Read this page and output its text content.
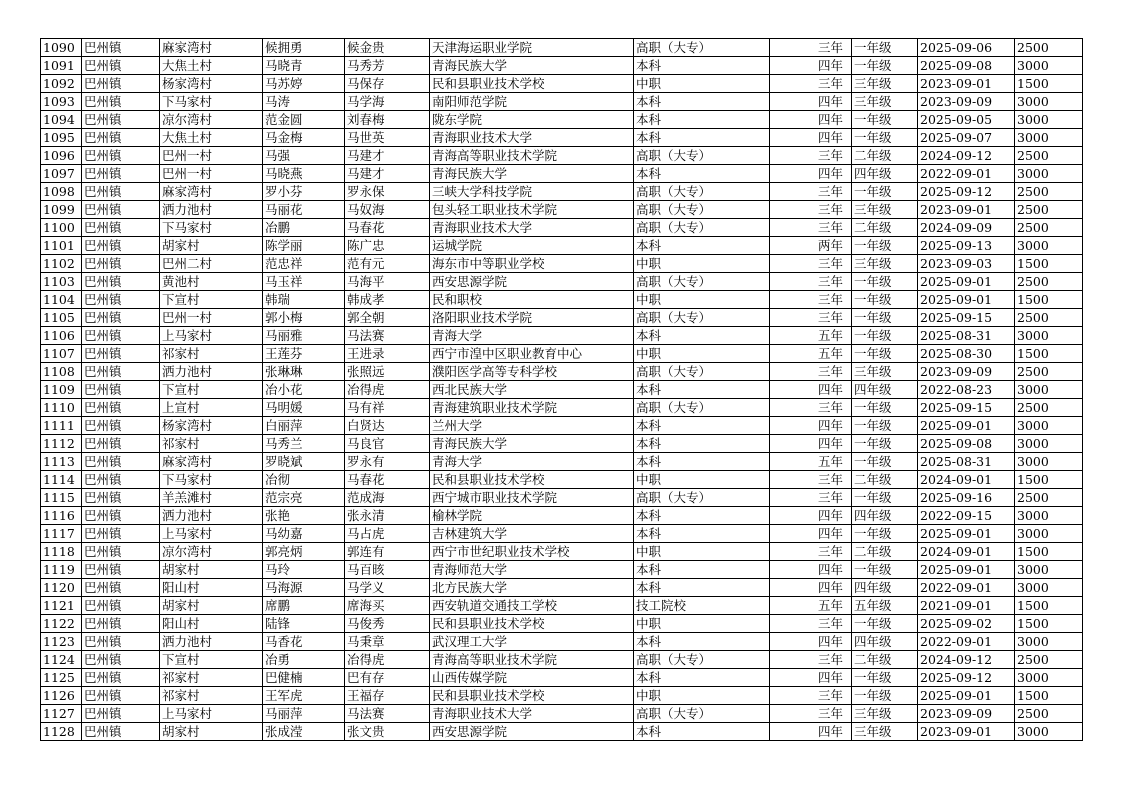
1090	巴州镇	麻家湾村	候拥勇	候金贵	天津海运职业学院	高职（大专）	三年	一年级	2025-09-06	2500
1091	巴州镇	大焦土村	马晓青	马秀芳	青海民族大学	本科	四年	一年级	2025-09-08	3000
1092	巴州镇	杨家湾村	马苏婷	马保存	民和县职业技术学校	中职	三年	三年级	2023-09-01	1500
1093	巴州镇	下马家村	马涛	马学海	南阳师范学院	本科	四年	三年级	2023-09-09	3000
1094	巴州镇	凉尔湾村	范金圆	刘春梅	陇东学院	本科	四年	一年级	2025-09-05	3000
1095	巴州镇	大焦土村	马金梅	马世英	青海职业技术大学	本科	四年	一年级	2025-09-07	3000
1096	巴州镇	巴州一村	马强	马建才	青海高等职业技术学院	高职（大专）	三年	二年级	2024-09-12	2500
1097	巴州镇	巴州一村	马晓燕	马建才	青海民族大学	本科	四年	四年级	2022-09-01	3000
1098	巴州镇	麻家湾村	罗小芬	罗永保	三峡大学科技学院	高职（大专）	三年	一年级	2025-09-12	2500
1099	巴州镇	洒力池村	马丽花	马奴海	包头轻工职业技术学院	高职（大专）	三年	三年级	2023-09-01	2500
1100	巴州镇	下马家村	冶鹏	马春花	青海职业技术大学	高职（大专）	三年	二年级	2024-09-09	2500
1101	巴州镇	胡家村	陈学丽	陈广忠	运城学院	本科	两年	一年级	2025-09-13	3000
1102	巴州镇	巴州二村	范忠祥	范有元	海东市中等职业学校	中职	三年	三年级	2023-09-03	1500
1103	巴州镇	黄池村	马玉祥	马海平	西安思源学院	高职（大专）	三年	一年级	2025-09-01	2500
1104	巴州镇	下宣村	韩瑞	韩成孝	民和职校	中职	三年	一年级	2025-09-01	1500
1105	巴州镇	巴州一村	郭小梅	郭全朝	洛阳职业技术学院	高职（大专）	三年	一年级	2025-09-15	2500
1106	巴州镇	上马家村	马丽雅	马法赛	青海大学	本科	五年	一年级	2025-08-31	3000
1107	巴州镇	祁家村	王莲芬	王进录	西宁市湟中区职业教育中心	中职	五年	一年级	2025-08-30	1500
1108	巴州镇	洒力池村	张琳琳	张照远	濮阳医学高等专科学校	高职（大专）	三年	三年级	2023-09-09	2500
1109	巴州镇	下宣村	冶小花	冶得虎	西北民族大学	本科	四年	四年级	2022-08-23	3000
1110	巴州镇	上宣村	马明媛	马有祥	青海建筑职业技术学院	高职（大专）	三年	一年级	2025-09-15	2500
1111	巴州镇	杨家湾村	白丽萍	白贤达	兰州大学	本科	四年	一年级	2025-09-01	3000
1112	巴州镇	祁家村	马秀兰	马良官	青海民族大学	本科	四年	一年级	2025-09-08	3000
1113	巴州镇	麻家湾村	罗晓斌	罗永有	青海大学	本科	五年	一年级	2025-08-31	3000
1114	巴州镇	下马家村	冶彻	马春花	民和县职业技术学校	中职	三年	二年级	2024-09-01	1500
1115	巴州镇	羊羔滩村	范宗亮	范成海	西宁城市职业技术学院	高职（大专）	三年	一年级	2025-09-16	2500
1116	巴州镇	洒力池村	张艳	张永清	榆林学院	本科	四年	四年级	2022-09-15	3000
1117	巴州镇	上马家村	马幼嘉	马占虎	吉林建筑大学	本科	四年	一年级	2025-09-01	3000
1118	巴州镇	凉尔湾村	郭亮炳	郭连有	西宁市世纪职业技术学校	中职	三年	二年级	2024-09-01	1500
1119	巴州镇	胡家村	马玲	马百晐	青海师范大学	本科	四年	一年级	2025-09-01	3000
1120	巴州镇	阳山村	马海源	马学义	北方民族大学	本科	四年	四年级	2022-09-01	3000
1121	巴州镇	胡家村	席鹏	席海买	西安轨道交通技工学校	技工院校	五年	五年级	2021-09-01	1500
1122	巴州镇	阳山村	陆锋	马俊秀	民和县职业技术学校	中职	三年	一年级	2025-09-02	1500
1123	巴州镇	洒力池村	马香花	马秉章	武汉理工大学	本科	四年	四年级	2022-09-01	3000
1124	巴州镇	下宣村	冶勇	冶得虎	青海高等职业技术学院	高职（大专）	三年	二年级	2024-09-12	2500
1125	巴州镇	祁家村	巴健楠	巴有存	山西传媒学院	本科	四年	一年级	2025-09-12	3000
1126	巴州镇	祁家村	王军虎	王福存	民和县职业技术学校	中职	三年	一年级	2025-09-01	1500
1127	巴州镇	上马家村	马丽萍	马法赛	青海职业技术大学	高职（大专）	三年	三年级	2023-09-09	2500
1128	巴州镇	胡家村	张成滢	张文贵	西安思源学院	本科	四年	三年级	2023-09-01	3000
